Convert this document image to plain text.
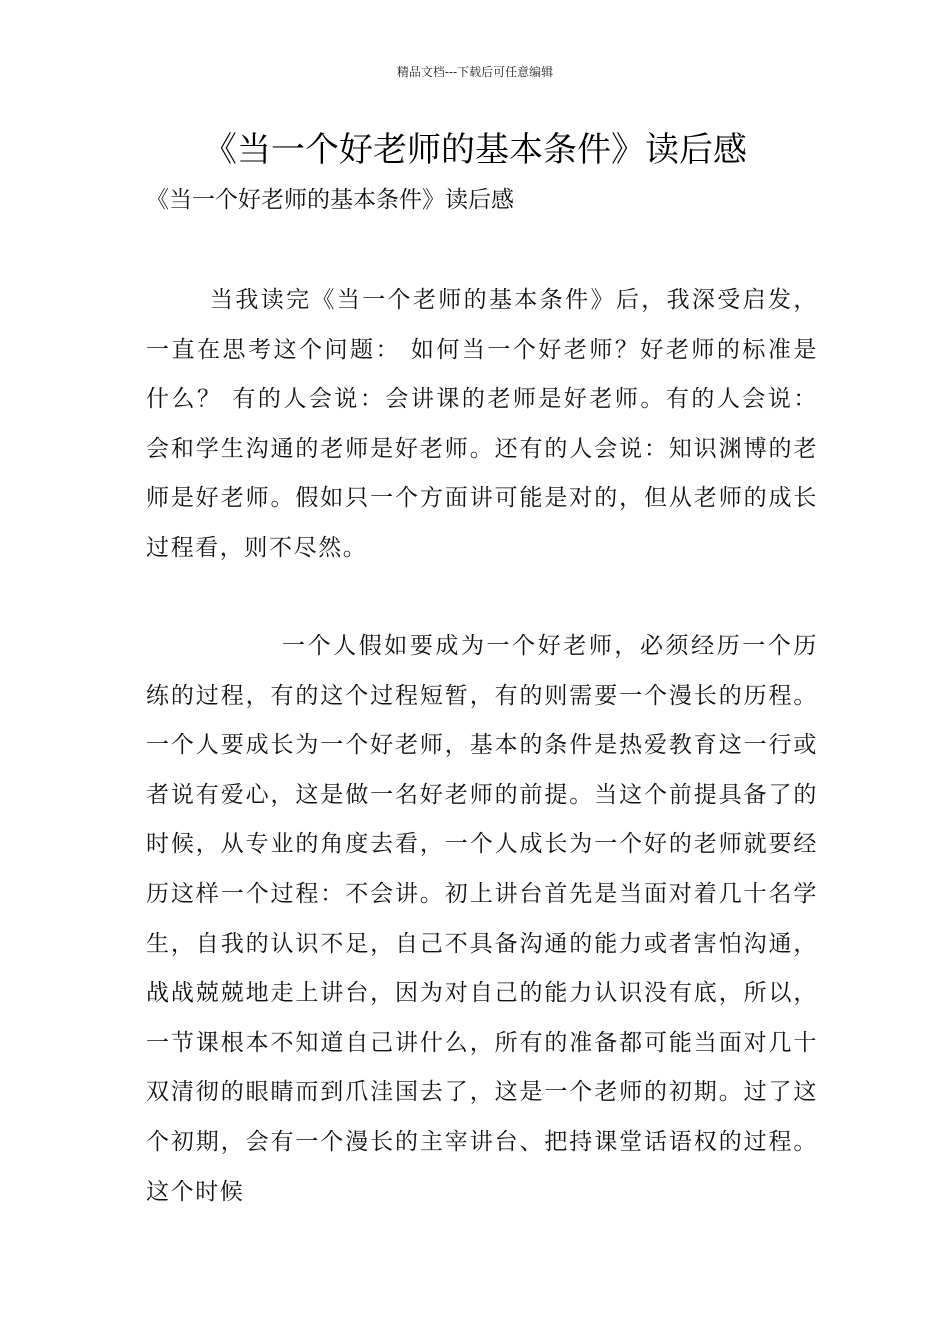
精品文档---下载后可任意编辑
《当一个好老师的基本条件》读后感
《当一个好老师的基本条件》读后感

当我读完《当一个老师的基本条件》后，我深受启发，一直在思考这个问题： 如何当一个好老师？好老师的标准是什么？ 有的人会说：会讲课的老师是好老师。有的人会说：会和学生沟通的老师是好老师。还有的人会说：知识渊博的老师是好老师。假如只一个方面讲可能是对的，但从老师的成长过程看，则不尽然。

一个人假如要成为一个好老师，必须经历一个历练的过程，有的这个过程短暂，有的则需要一个漫长的历程。一个人要成长为一个好老师，基本的条件是热爱教育这一行或者说有爱心，这是做一名好老师的前提。当这个前提具备了的时候，从专业的角度去看，一个人成长为一个好的老师就要经历这样一个过程：不会讲。初上讲台首先是当面对着几十名学生，自我的认识不足，自己不具备沟通的能力或者害怕沟通，战战兢兢地走上讲台，因为对自己的能力认识没有底，所以，一节课根本不知道自己讲什么，所有的准备都可能当面对几十双清彻的眼睛而到爪洼国去了，这是一个老师的初期。过了这个初期，会有一个漫长的主宰讲台、把持课堂话语权的过程。这个时候
